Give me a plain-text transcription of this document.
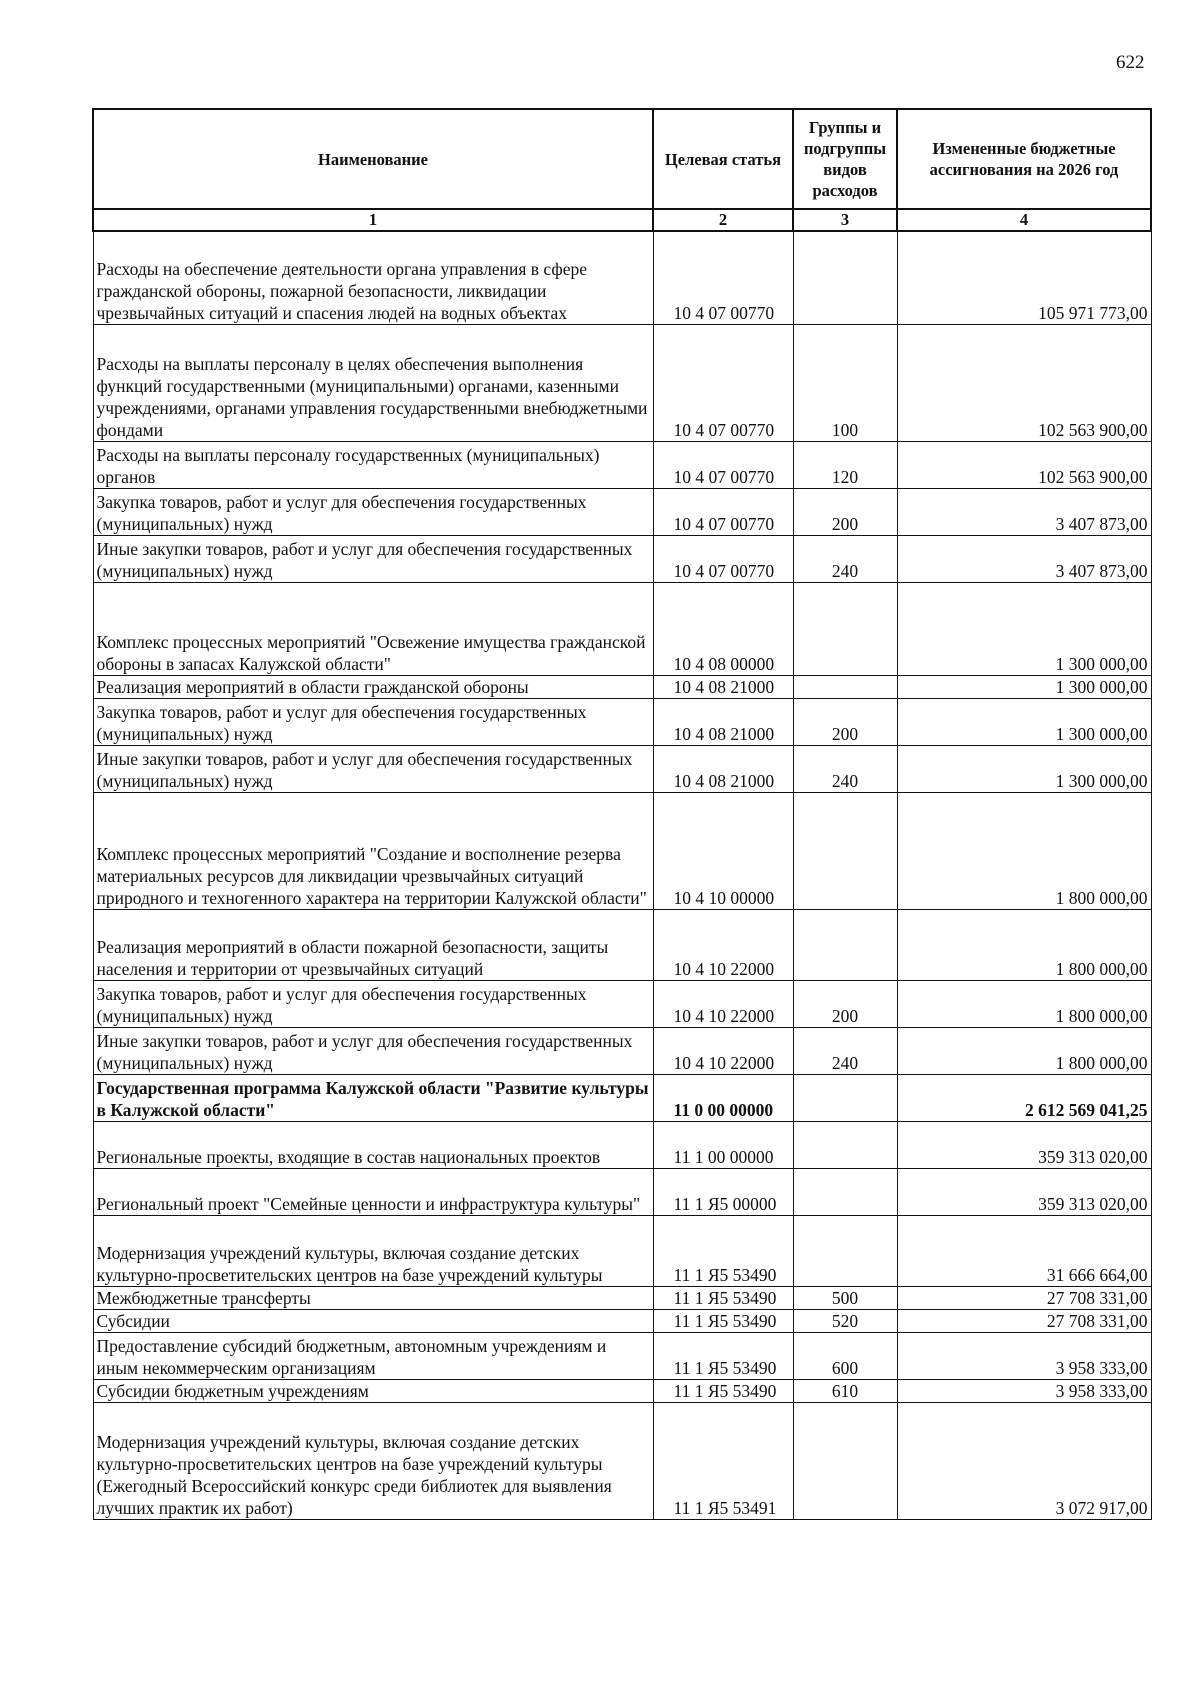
622
Наименование	Целевая статья	Группы и подгруппы видов расходов	Измененные бюджетные ассигнования на 2026 год
1	2	3	4
Расходы на обеспечение деятельности органа управления в сфере гражданской обороны, пожарной безопасности, ликвидации чрезвычайных ситуаций и спасения людей на водных объектах	10 4 07 00770		105 971 773,00
Расходы на выплаты персоналу в целях обеспечения выполнения функций государственными (муниципальными) органами, казенными учреждениями, органами управления государственными внебюджетными фондами	10 4 07 00770	100	102 563 900,00
Расходы на выплаты персоналу государственных (муниципальных) органов	10 4 07 00770	120	102 563 900,00
Закупка товаров, работ и услуг для обеспечения государственных (муниципальных) нужд	10 4 07 00770	200	3 407 873,00
Иные закупки товаров, работ и услуг для обеспечения государственных (муниципальных) нужд	10 4 07 00770	240	3 407 873,00
Комплекс процессных мероприятий "Освежение имущества гражданской обороны в запасах Калужской области"	10 4 08 00000		1 300 000,00
Реализация мероприятий в области гражданской обороны	10 4 08 21000		1 300 000,00
Закупка товаров, работ и услуг для обеспечения государственных (муниципальных) нужд	10 4 08 21000	200	1 300 000,00
Иные закупки товаров, работ и услуг для обеспечения государственных (муниципальных) нужд	10 4 08 21000	240	1 300 000,00
Комплекс процессных мероприятий "Создание и восполнение резерва материальных ресурсов для ликвидации чрезвычайных ситуаций природного и техногенного характера на территории Калужской области"	10 4 10 00000		1 800 000,00
Реализация мероприятий в области пожарной безопасности, защиты населения и территории от чрезвычайных ситуаций	10 4 10 22000		1 800 000,00
Закупка товаров, работ и услуг для обеспечения государственных (муниципальных) нужд	10 4 10 22000	200	1 800 000,00
Иные закупки товаров, работ и услуг для обеспечения государственных (муниципальных) нужд	10 4 10 22000	240	1 800 000,00
Государственная программа Калужской области "Развитие культуры в Калужской области"	11 0 00 00000		2 612 569 041,25
Региональные проекты, входящие в состав национальных проектов	11 1 00 00000		359 313 020,00
Региональный проект "Семейные ценности и инфраструктура культуры"	11 1 Я5 00000		359 313 020,00
Модернизация учреждений культуры, включая создание детских культурно-просветительских центров на базе учреждений культуры	11 1 Я5 53490		31 666 664,00
Межбюджетные трансферты	11 1 Я5 53490	500	27 708 331,00
Субсидии	11 1 Я5 53490	520	27 708 331,00
Предоставление субсидий бюджетным, автономным учреждениям и иным некоммерческим организациям	11 1 Я5 53490	600	3 958 333,00
Субсидии бюджетным учреждениям	11 1 Я5 53490	610	3 958 333,00
Модернизация учреждений культуры, включая создание детских культурно-просветительских центров на базе учреждений культуры (Ежегодный Всероссийский конкурс среди библиотек для выявления лучших практик их работ)	11 1 Я5 53491		3 072 917,00
